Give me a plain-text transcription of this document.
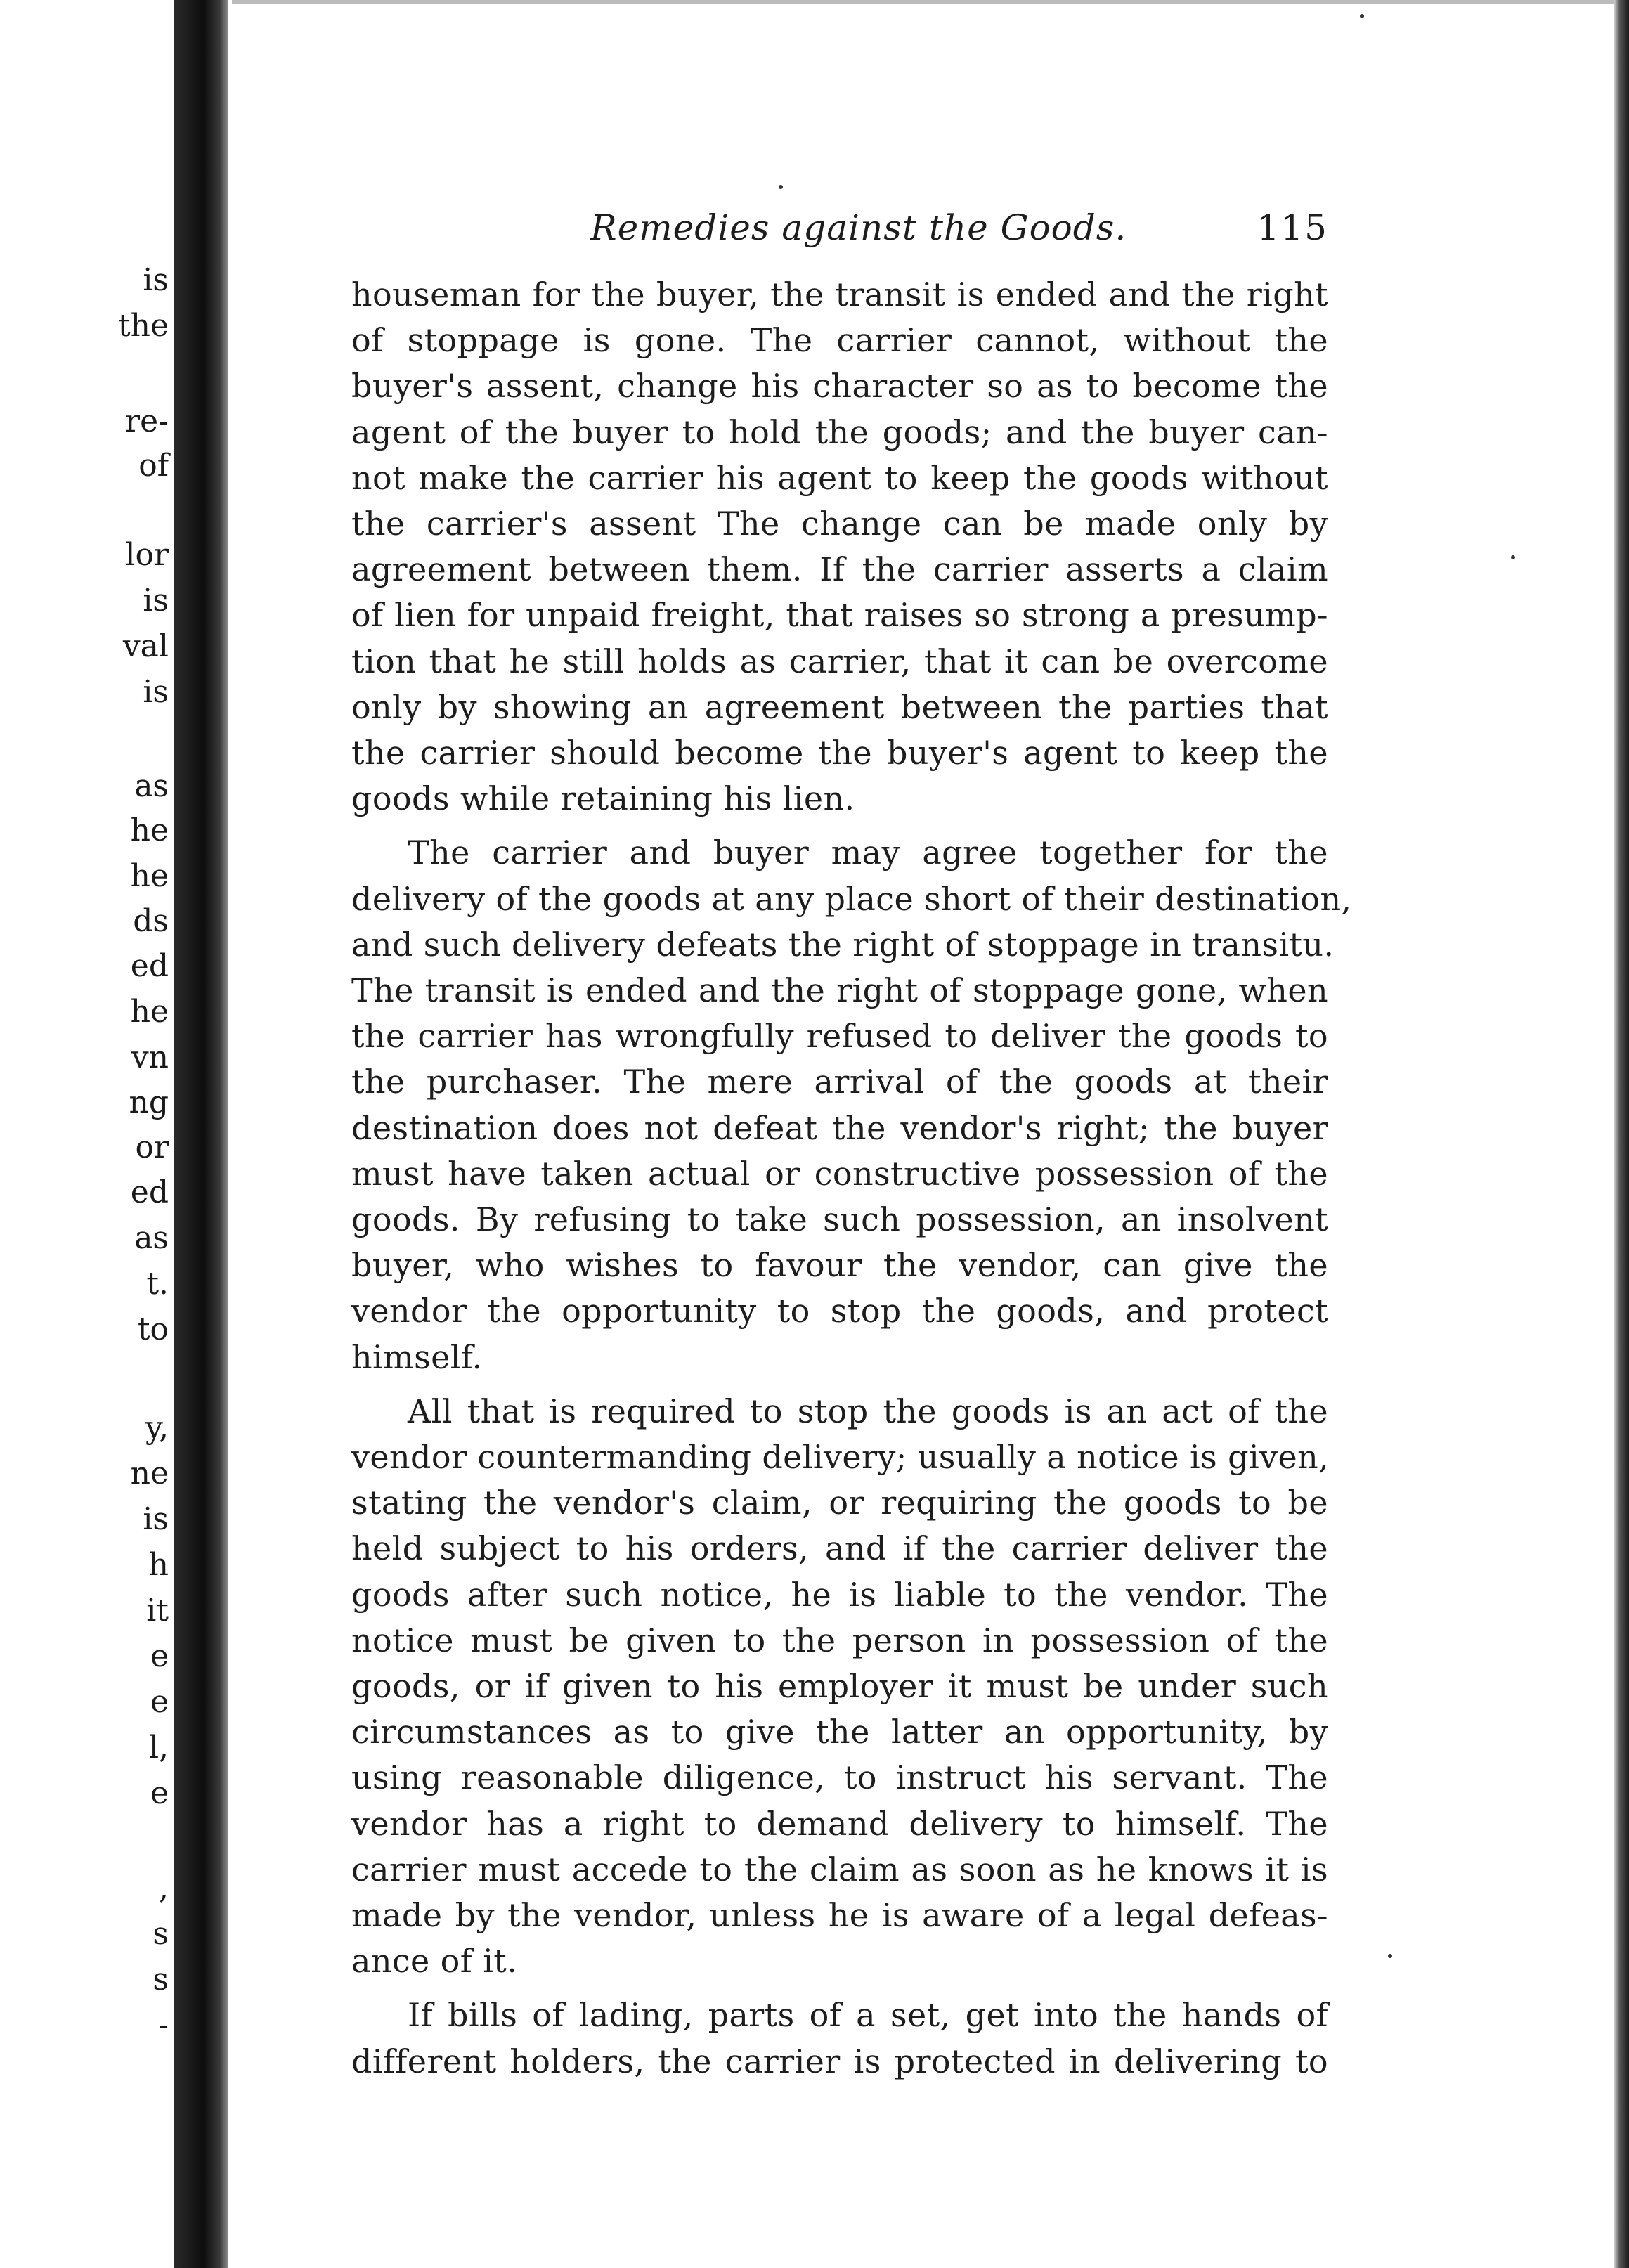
is
the
re-
of
lor
is
val
is
as
he
he
ds
ed
he
vn
ng
or
ed
as
t.
to
y,
ne
is
h
it
e
e
l,
e
,
s
s
-
Remedies against the Goods.	115
houseman for the buyer, the transit is ended and the right
of stoppage is gone. The carrier cannot, without the
buyer's assent, change his character so as to become the
agent of the buyer to hold the goods; and the buyer can-
not make the carrier his agent to keep the goods without
the carrier's assent The change can be made only by
agreement between them. If the carrier asserts a claim
of lien for unpaid freight, that raises so strong a presump-
tion that he still holds as carrier, that it can be overcome
only by showing an agreement between the parties that
the carrier should become the buyer's agent to keep the
goods while retaining his lien.
The carrier and buyer may agree together for the
delivery of the goods at any place short of their destination,
and such delivery defeats the right of stoppage in transitu.
The transit is ended and the right of stoppage gone, when
the carrier has wrongfully refused to deliver the goods to
the purchaser. The mere arrival of the goods at their
destination does not defeat the vendor's right; the buyer
must have taken actual or constructive possession of the
goods. By refusing to take such possession, an insolvent
buyer, who wishes to favour the vendor, can give the
vendor the opportunity to stop the goods, and protect
himself.
All that is required to stop the goods is an act of the
vendor countermanding delivery; usually a notice is given,
stating the vendor's claim, or requiring the goods to be
held subject to his orders, and if the carrier deliver the
goods after such notice, he is liable to the vendor. The
notice must be given to the person in possession of the
goods, or if given to his employer it must be under such
circumstances as to give the latter an opportunity, by
using reasonable diligence, to instruct his servant. The
vendor has a right to demand delivery to himself. The
carrier must accede to the claim as soon as he knows it is
made by the vendor, unless he is aware of a legal defeas-
ance of it.
If bills of lading, parts of a set, get into the hands of
different holders, the carrier is protected in delivering to
